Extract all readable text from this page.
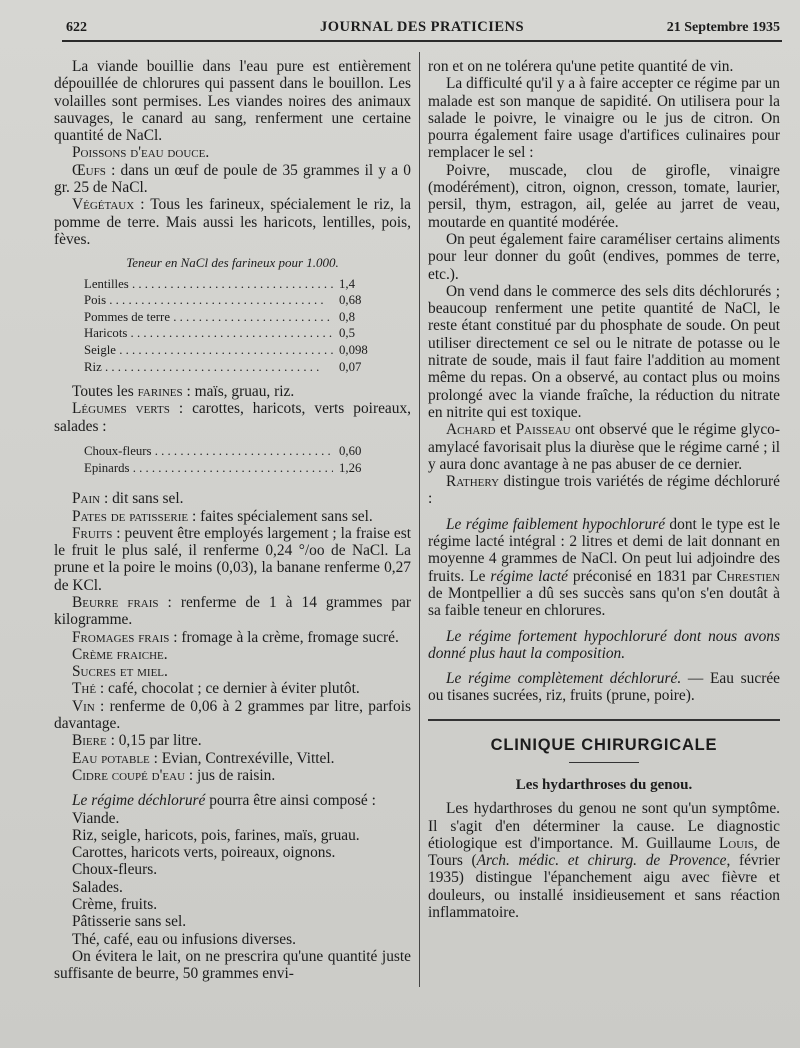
622	JOURNAL DES PRATICIENS	21 Septembre 1935

La viande bouillie dans l'eau pure est entièrement dépouillée de chlorures qui passent dans le bouillon. Les volailles sont permises. Les viandes noires des animaux sauvages, le canard au sang, renferment une certaine quantité de NaCl.

Poissons d'eau douce.

Œufs : dans un œuf de poule de 35 grammes il y a 0 gr. 25 de NaCl.

Végétaux : Tous les farineux, spécialement le riz, la pomme de terre. Mais aussi les haricots, lentilles, pois, fèves.

Teneur en NaCl des farineux pour 1.000.
Lentilles . . .	1,4
Pois . . .	0,68
Pommes de terre . . .	0,8
Haricots . . .	0,5
Seigle . . .	0,098
Riz . . .	0,07

Toutes les farines : maïs, gruau, riz.

Légumes verts : carottes, haricots, verts poireaux, salades :

Choux-fleurs . . .	0,60
Epinards . . .	1,26

Pain : dit sans sel.

Pates de patisserie : faites spécialement sans sel.

Fruits : peuvent être employés largement ; la fraise est le fruit le plus salé, il renferme 0,24 °/oo de NaCl. La prune et la poire le moins (0,03), la banane renferme 0,27 de KCl.

Beurre frais : renferme de 1 à 14 grammes par kilogramme.

Fromages frais : fromage à la crème, fromage sucré.

Crème fraiche.

Sucres et miel.

Thé : café, chocolat ; ce dernier à éviter plutôt.

Vin : renferme de 0,06 à 2 grammes par litre, parfois davantage.

Biere : 0,15 par litre.

Eau potable : Evian, Contrexéville, Vittel.

Cidre coupé d'eau : jus de raisin.

Le régime déchloruré pourra être ainsi composé :

Viande.

Riz, seigle, haricots, pois, farines, maïs, gruau.

Carottes, haricots verts, poireaux, oignons.

Choux-fleurs.

Salades.

Crème, fruits.

Pâtisserie sans sel.

Thé, café, eau ou infusions diverses.

On évitera le lait, on ne prescrira qu'une quantité juste suffisante de beurre, 50 grammes envi-

ron et on ne tolérera qu'une petite quantité de vin.

La difficulté qu'il y a à faire accepter ce régime par un malade est son manque de sapidité. On utilisera pour la salade le poivre, le vinaigre ou le jus de citron. On pourra également faire usage d'artifices culinaires pour remplacer le sel :

Poivre, muscade, clou de girofle, vinaigre (modérément), citron, oignon, cresson, tomate, laurier, persil, thym, estragon, ail, gelée au jarret de veau, moutarde en quantité modérée.

On peut également faire caraméliser certains aliments pour leur donner du goût (endives, pommes de terre, etc.).

On vend dans le commerce des sels dits déchlorurés ; beaucoup renferment une petite quantité de NaCl, le reste étant constitué par du phosphate de soude. On peut utiliser directement ce sel ou le nitrate de potasse ou le nitrate de soude, mais il faut faire l'addition au moment même du repas. On a observé, au contact plus ou moins prolongé avec la viande fraîche, la réduction du nitrate en nitrite qui est toxique.

Achard et Paisseau ont observé que le régime glyco-amylacé favorisait plus la diurèse que le régime carné ; il y aura donc avantage à ne pas abuser de ce dernier.

Rathery distingue trois variétés de régime déchloruré :

Le régime faiblement hypochloruré dont le type est le régime lacté intégral : 2 litres et demi de lait donnant en moyenne 4 grammes de NaCl. On peut lui adjoindre des fruits. Le régime lacté préconisé en 1831 par Chrestien de Montpellier a dû ses succès sans qu'on s'en doutât à sa faible teneur en chlorures.

Le régime fortement hypochloruré dont nous avons donné plus haut la composition.

Le régime complètement déchloruré. — Eau sucrée ou tisanes sucrées, riz, fruits (prune, poire).

CLINIQUE CHIRURGICALE
Les hydarthroses du genou.

Les hydarthroses du genou ne sont qu'un symptôme. Il s'agit d'en déterminer la cause. Le diagnostic étiologique est d'importance. M. Guillaume Louis, de Tours (Arch. médic. et chirurg. de Provence, février 1935) distingue l'épanchement aigu avec fièvre et douleurs, ou installé insidieusement et sans réaction inflammatoire.
